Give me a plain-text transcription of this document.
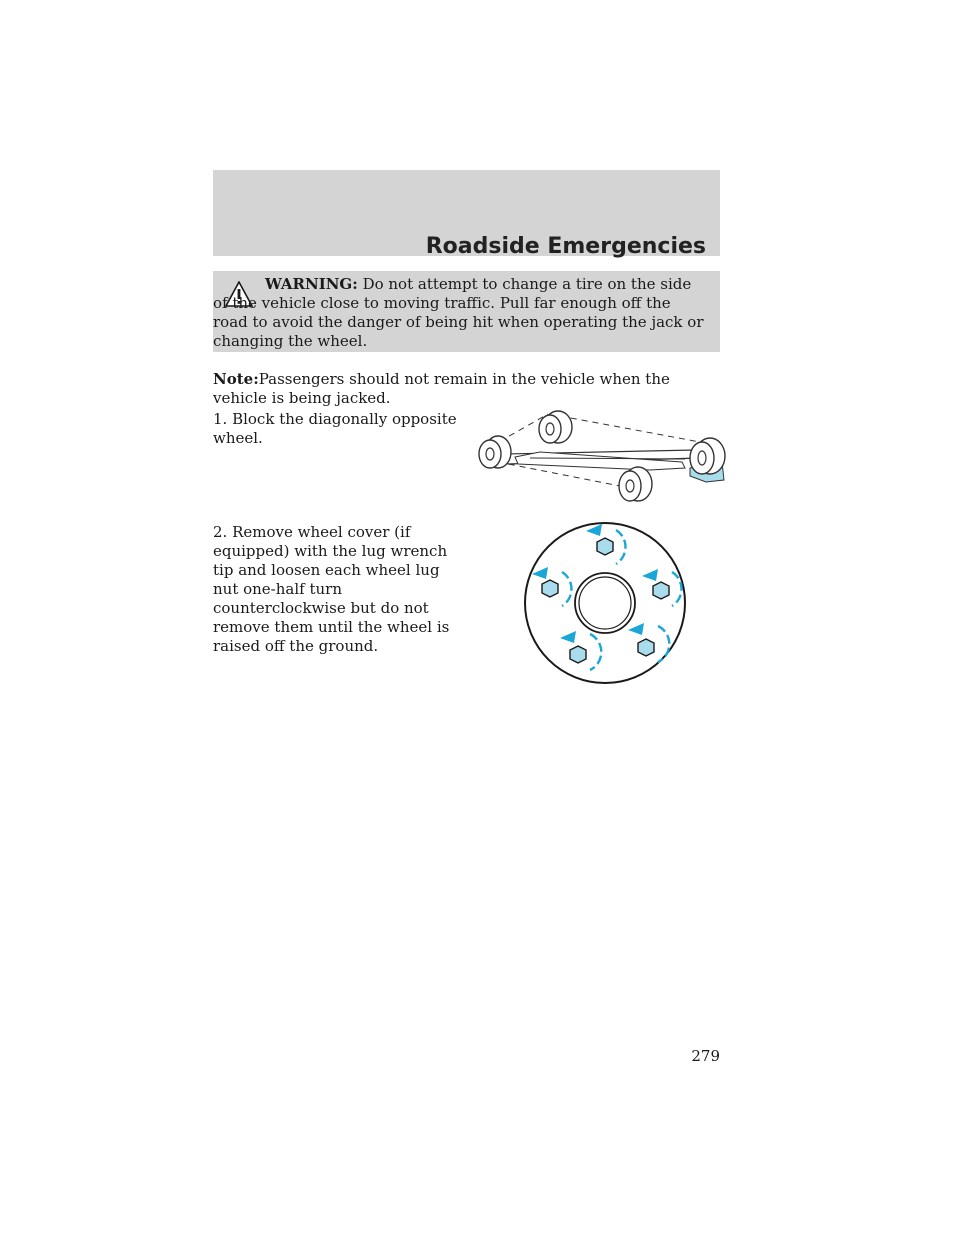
Roadside Emergencies
WARNING: Do not attempt to change a tire on the side of the vehicle close to moving traffic. Pull far enough off the road to avoid the danger of being hit when operating the jack or changing the wheel.
Note:Passengers should not remain in the vehicle when the vehicle is being jacked.
1. Block the diagonally opposite wheel.
2. Remove wheel cover (if equipped) with the lug wrench tip and loosen each wheel lug nut one-half turn counterclockwise but do not remove them until the wheel is raised off the ground.
279
